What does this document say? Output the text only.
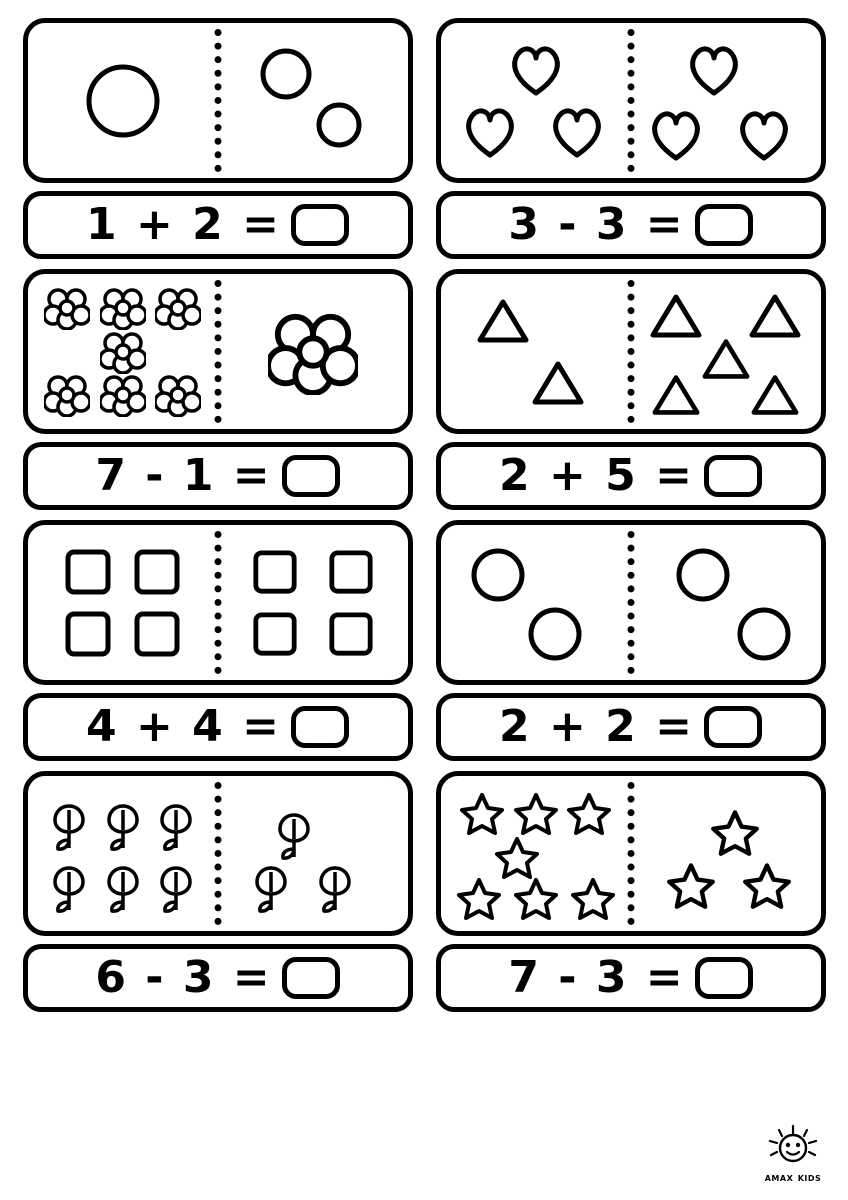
1 + 2 =	3 - 3 =
7 - 1 =	2 + 5 =
4 + 4 =	2 + 2 =
6 - 3 =	7 - 3 =
AMAX KIDS
